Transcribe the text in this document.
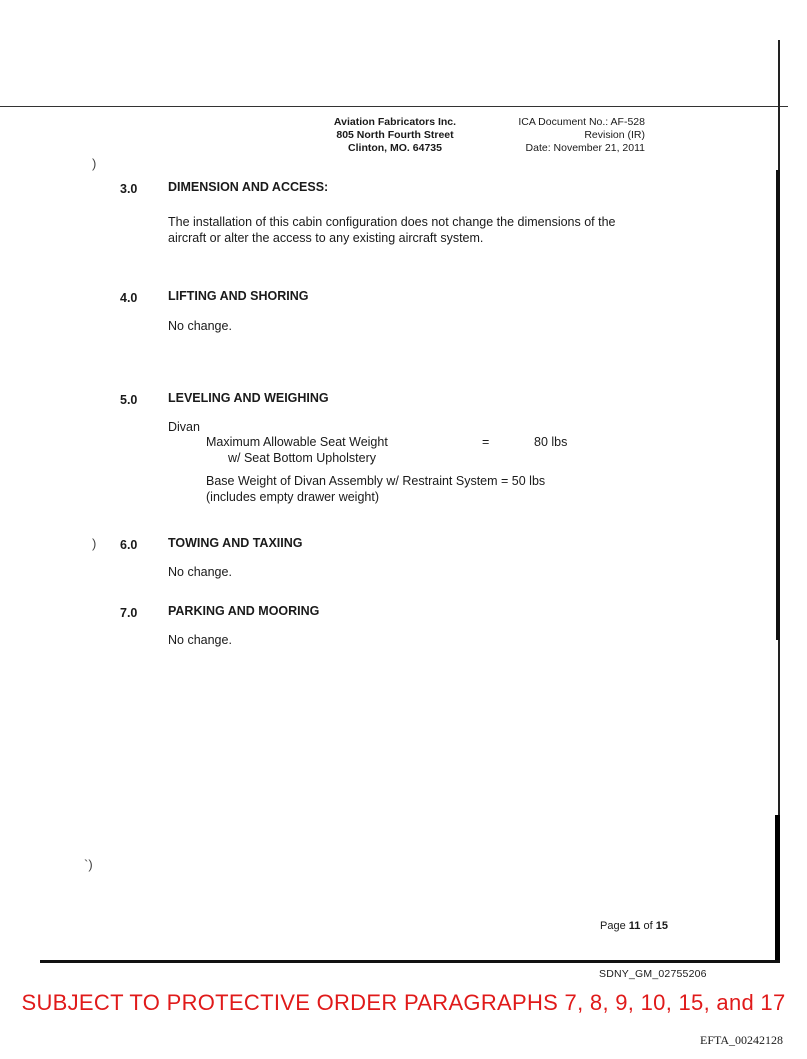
Aviation Fabricators Inc.
805 North Fourth Street
Clinton, MO. 64735
ICA Document No.: AF-528
Revision (IR)
Date: November 21, 2011
)
)
`)
3.0 DIMENSION AND ACCESS:
The installation of this cabin configuration does not change the dimensions of the
aircraft or alter the access to any existing aircraft system.
4.0 LIFTING AND SHORING
No change.
5.0 LEVELING AND WEIGHING
Divan
Maximum Allowable Seat Weight
w/ Seat Bottom Upholstery
=	80 lbs
Base Weight of Divan Assembly w/ Restraint System = 50 lbs
(includes empty drawer weight)
6.0 TOWING AND TAXIING
No change.
7.0 PARKING AND MOORING
No change.
Page 11 of 15
SDNY_GM_02755206
SUBJECT TO PROTECTIVE ORDER PARAGRAPHS 7, 8, 9, 10, 15, and 17
EFTA_00242128
